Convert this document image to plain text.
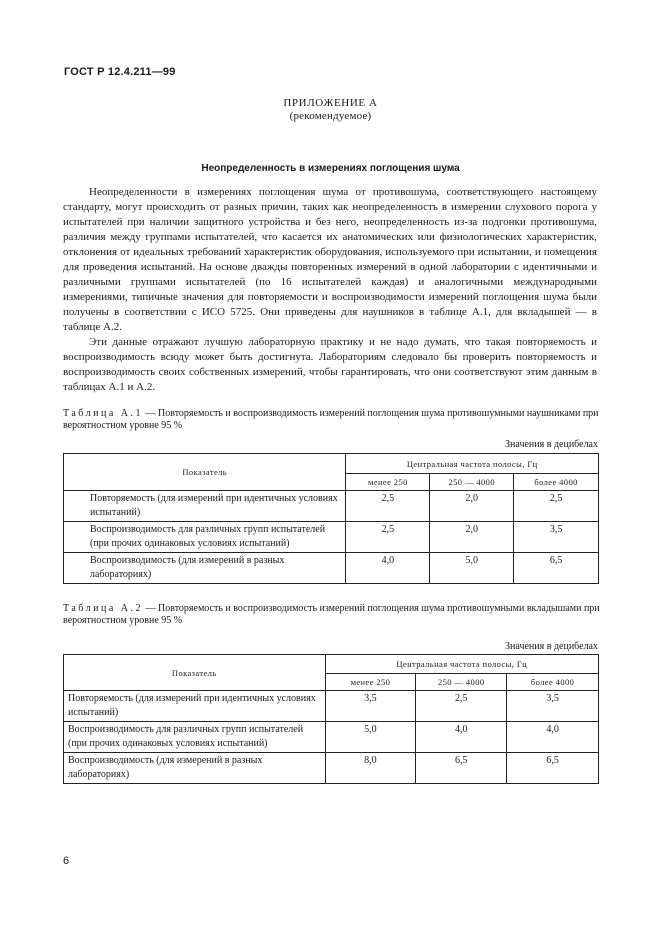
ГОСТ Р 12.4.211—99
ПРИЛОЖЕНИЕ А
(рекомендуемое)
Неопределенность в измерениях поглощения шума

Неопределенности в измерениях поглощения шума от противошума, соответствующего настоящему стандарту, могут происходить от разных причин, таких как неопределенность в измерении слухового порога у испытателей при наличии защитного устройства и без него, неопределенность из-за подгонки противошума, различия между группами испытателей, что касается их анатомических или физиологических характеристик, отклонения от идеальных требований характеристик оборудования, используемого при испытании, и помещения для проведения испытаний. На основе дважды повторенных измерений в одной лаборатории с идентичными и различными группами испытателей (по 16 испытателей каждая) и аналогичными международными измерениями, типичные значения для повторяемости и воспроизводимости измерений поглощения шума были получены в соответствии с ИСО 5725. Они приведены для наушников в таблице А.1, для вкладышей — в таблице А.2.

Эти данные отражают лучшую лабораторную практику и не надо думать, что такая повторяемость и воспроизводимость всюду может быть достигнута. Лабораториям следовало бы проверить повторяемость и воспроизводимость своих собственных измерений, чтобы гарантировать, что они соответствуют этим данным в таблицах А.1 и А.2.

Таблица А.1 — Повторяемость и воспроизводимость измерений поглощения шума противошумными наушниками при вероятностном уровне 95 %
Значения в децибелах
Показатель	Центральная частота полосы, Гц		
	менее 250	250 — 4000	более 4000
Повторяемость (для измерений при идентичных условиях испытаний)	2,5	2,0	2,5
Воспроизводимость для различных групп испытателей (при прочих одинаковых условиях испытаний)	2,5	2,0	3,5
Воспроизводимость (для измерений в разных лабораториях)	4,0	5,0	6,5
Таблица А.2 — Повторяемость и воспроизводимость измерений поглощения шума противошумными вкладышами при вероятностном уровне 95 %
Значения в децибелах
Показатель	Центральная частота полосы, Гц		
	менее 250	250 — 4000	более 4000
Повторяемость (для измерений при идентичных условиях испытаний)	3,5	2,5	3,5
Воспроизводимость для различных групп испытателей (при прочих одинаковых условиях испытаний)	5,0	4,0	4,0
Воспроизводимость (для измерений в разных лабораториях)	8,0	6,5	6,5
6
